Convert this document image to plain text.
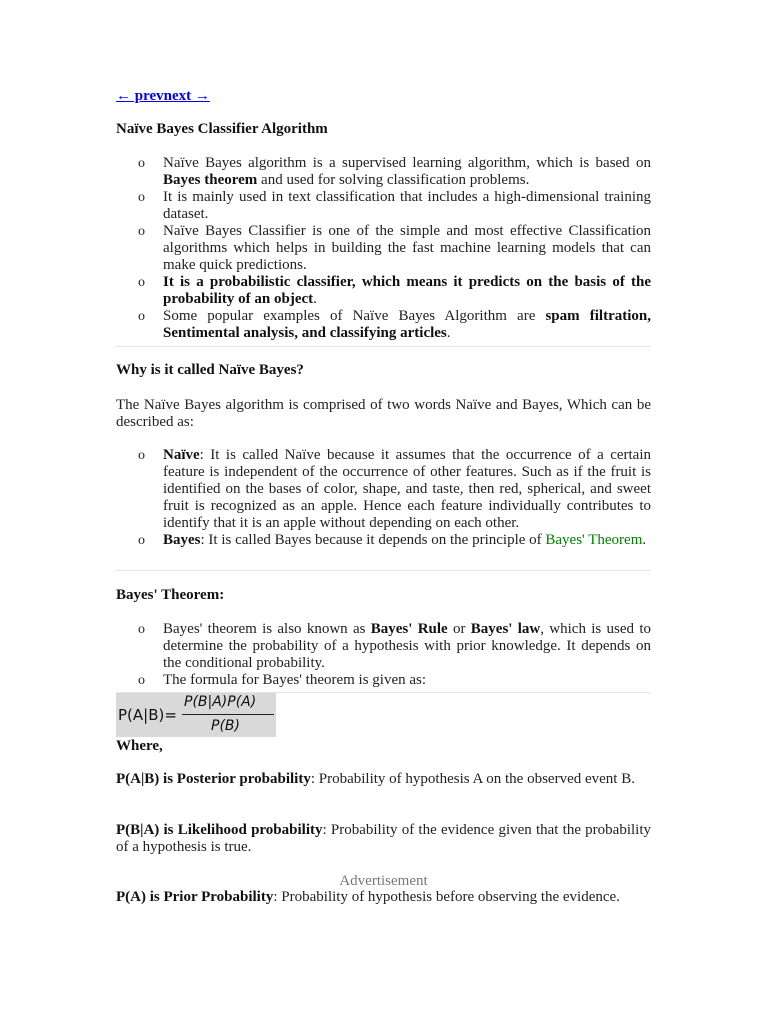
← prevnext →
Naïve Bayes Classifier Algorithm
o Naïve Bayes algorithm is a supervised learning algorithm, which is based on Bayes theorem and used for solving classification problems.
o It is mainly used in text classification that includes a high-dimensional training dataset.
o Naïve Bayes Classifier is one of the simple and most effective Classification algorithms which helps in building the fast machine learning models that can make quick predictions.
o It is a probabilistic classifier, which means it predicts on the basis of the probability of an object.
o Some popular examples of Naïve Bayes Algorithm are spam filtration, Sentimental analysis, and classifying articles.
Why is it called Naïve Bayes?

The Naïve Bayes algorithm is comprised of two words Naïve and Bayes, Which can be described as:

o Naïve: It is called Naïve because it assumes that the occurrence of a certain feature is independent of the occurrence of other features. Such as if the fruit is identified on the bases of color, shape, and taste, then red, spherical, and sweet fruit is recognized as an apple. Hence each feature individually contributes to identify that it is an apple without depending on each other.
o Bayes: It is called Bayes because it depends on the principle of Bayes' Theorem.
Bayes' Theorem:
o Bayes' theorem is also known as Bayes' Rule or Bayes' law, which is used to determine the probability of a hypothesis with prior knowledge. It depends on the conditional probability.
o The formula for Bayes' theorem is given as:
P(A|B)=
P(B|A)P(A)
P(B)
Where,

P(A|B) is Posterior probability: Probability of hypothesis A on the observed event B.

P(B|A) is Likelihood probability: Probability of the evidence given that the probability of a hypothesis is true.

Advertisement

P(A) is Prior Probability: Probability of hypothesis before observing the evidence.
